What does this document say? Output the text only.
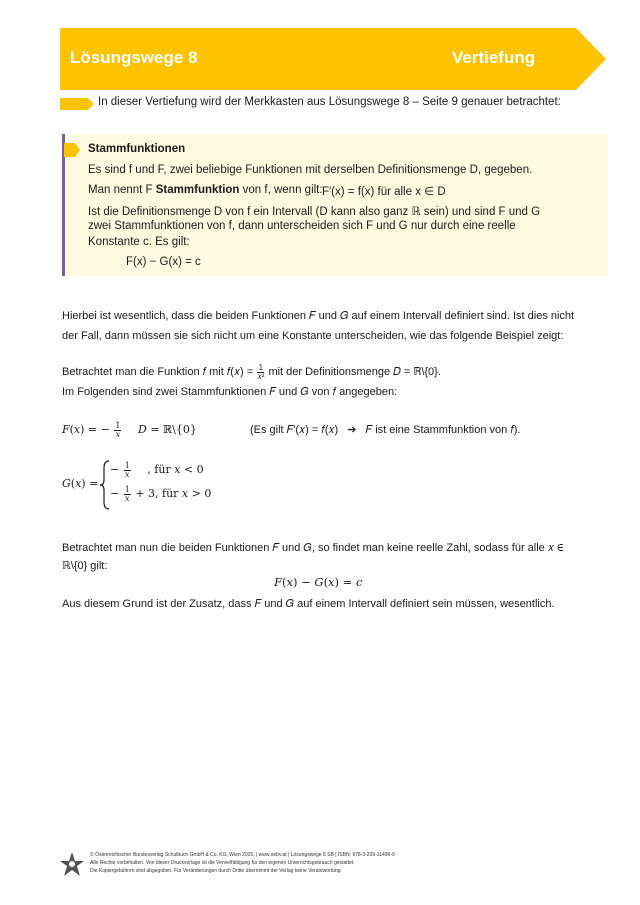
Lösungswege 8	Vertiefung
In dieser Vertiefung wird der Merkkasten aus Lösungswege 8 – Seite 9 genauer betrachtet:
Stammfunktionen
Es sind f und F, zwei beliebige Funktionen mit derselben Definitionsmenge D, gegeben.
Man nennt F Stammfunktion von f, wenn gilt: F′(x) = f(x) für alle x ∈ D
Ist die Definitionsmenge D von f ein Intervall (D kann also ganz ℝ sein) und sind F und G
zwei Stammfunktionen von f, dann unterscheiden sich F und G nur durch eine reelle
Konstante c. Es gilt:
F(x) − G(x) = c
Hierbei ist wesentlich, dass die beiden Funktionen 𝐹 und 𝐺 auf einem Intervall definiert sind. Ist dies nicht
der Fall, dann müssen sie sich nicht um eine Konstante unterscheiden, wie das folgende Beispiel zeigt:
Betrachtet man die Funktion 𝑓 mit 𝑓(𝑥) = $\frac{1}{\text{𝑥²}}$ mit der Definitionsmenge 𝐷 = ℝ\{0}.
Im Folgenden sind zwei Stammfunktionen 𝐹 und 𝐺 von 𝑓 angegeben:
𝐹(𝑥) = − $\frac{1}{\text{𝑥}}$ 𝐷 = ℝ\{0}	(Es gilt 𝐹′(𝑥) = 𝑓(𝑥) ➔ 𝐹 ist eine Stammfunktion von 𝑓).
𝐺(𝑥) =
− $\frac{1}{\text{𝑥}}$ , für 𝑥 < 0
− $\frac{1}{\text{𝑥}} + 3$, für 𝑥 > 0
Betrachtet man nun die beiden Funktionen 𝐹 und 𝐺, so findet man keine reelle Zahl, sodass für alle 𝑥 ∈
ℝ\{0} gilt:
𝐹(𝑥) − 𝐺(𝑥) = 𝑐
Aus diesem Grund ist der Zusatz, dass 𝐹 und 𝐺 auf einem Intervall definiert sein müssen, wesentlich.
© Österreichischer Bundesverlag Schulbuch GmbH & Co. KG, Wien 2025. | www.oebv.at | Lösungswege 8 SB | ISBN: 978-3-209-11496-9
Alle Rechte vorbehalten. Von dieser Druckvorlage ist die Vervielfältigung für den eigenen Unterrichtsgebrauch gestattet.
Die Kopiergebühren sind abgegolten. Für Veränderungen durch Dritte übernimmt der Verlag keine Verantwortung.
